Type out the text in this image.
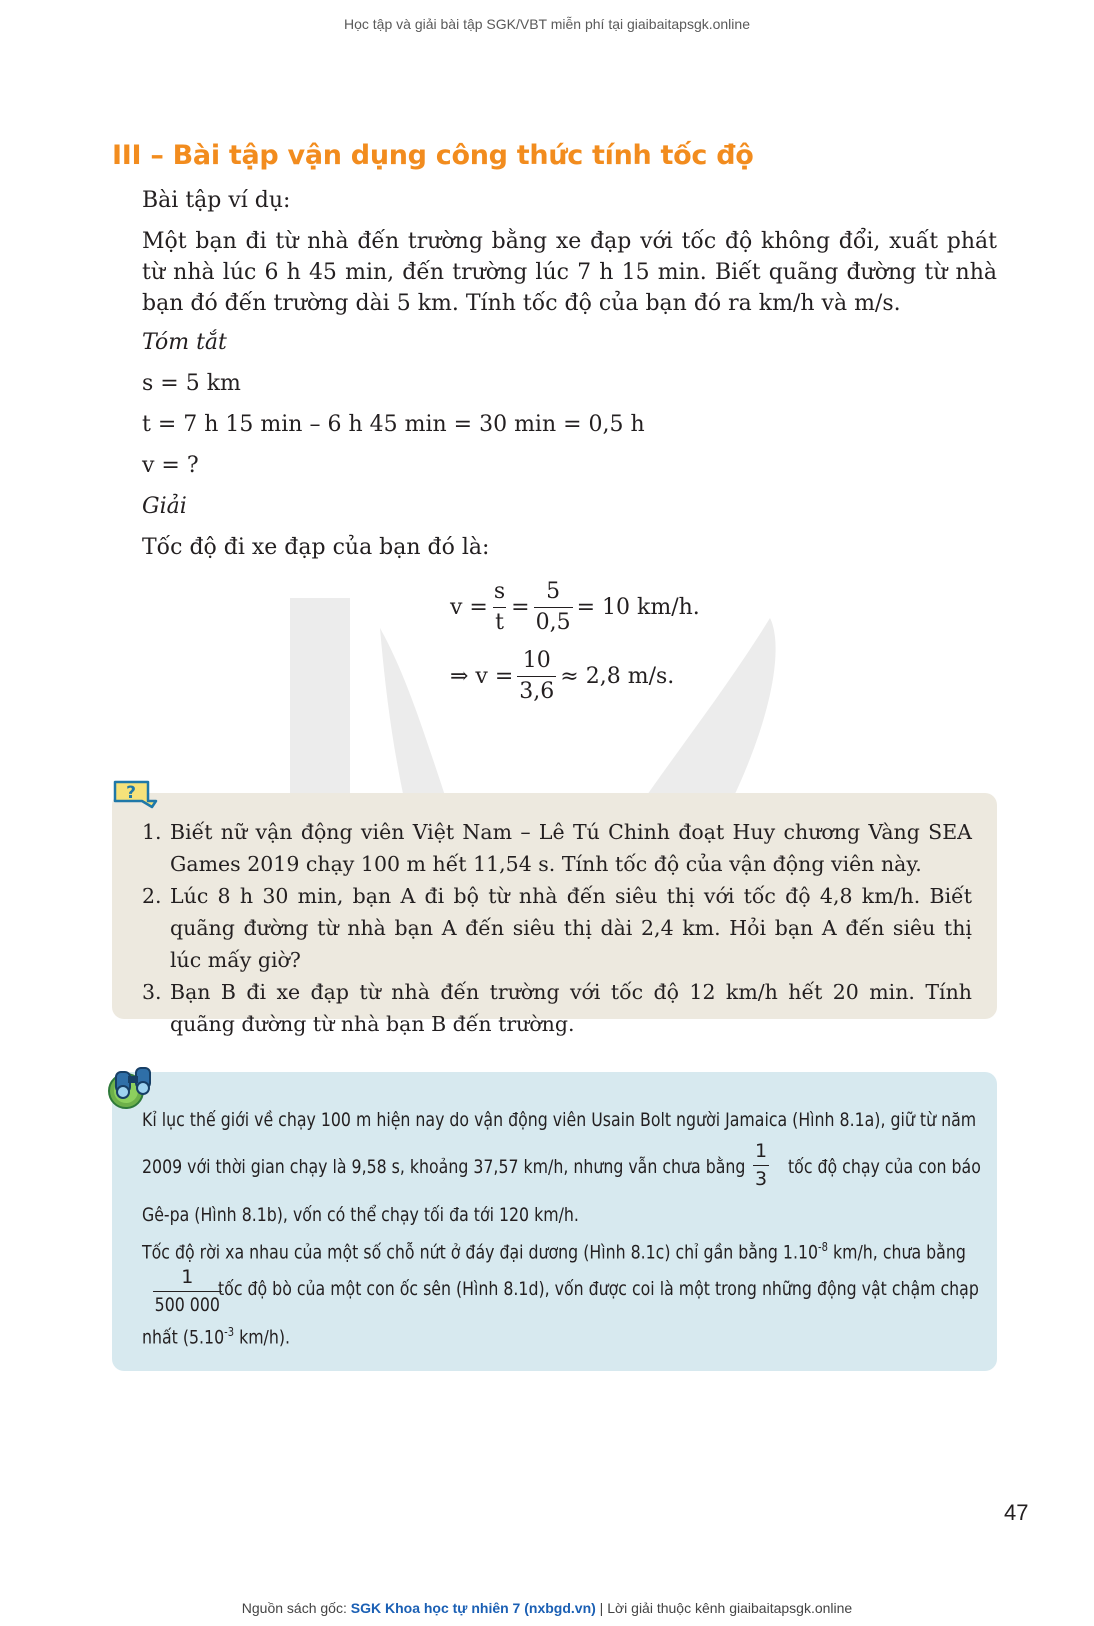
Học tập và giải bài tập SGK/VBT miễn phí tại giaibaitapsgk.online
III – Bài tập vận dụng công thức tính tốc độ
Bài tập ví dụ:
Một bạn đi từ nhà đến trường bằng xe đạp với tốc độ không đổi, xuất phát từ nhà lúc 6 h 45 min, đến trường lúc 7 h 15 min. Biết quãng đường từ nhà bạn đó đến trường dài 5 km. Tính tốc độ của bạn đó ra km/h và m/s.
Tóm tắt
s = 5 km
t = 7 h 15 min – 6 h 45 min = 30 min = 0,5 h
v = ?
Giải
Tốc độ đi xe đạp của bạn đó là:
$v = \frac{s}{t} = \frac{5}{0,5} = 10$ km/h.
⇒ $v = \frac{10}{3,6} \approx 2,8$ m/s.
?
1. Biết nữ vận động viên Việt Nam – Lê Tú Chinh đoạt Huy chương Vàng SEA Games 2019 chạy 100 m hết 11,54 s. Tính tốc độ của vận động viên này.
2. Lúc 8 h 30 min, bạn A đi bộ từ nhà đến siêu thị với tốc độ 4,8 km/h. Biết quãng đường từ nhà bạn A đến siêu thị dài 2,4 km. Hỏi bạn A đến siêu thị lúc mấy giờ?
3. Bạn B đi xe đạp từ nhà đến trường với tốc độ 12 km/h hết 20 min. Tính quãng đường từ nhà bạn B đến trường.
Kỉ lục thế giới về chạy 100 m hiện nay do vận động viên Usain Bolt người Jamaica (Hình 8.1a), giữ từ năm
2009 với thời gian chạy là 9,58 s, khoảng 37,57 km/h, nhưng vẫn chưa bằng $\frac{1}{3}$ tốc độ chạy của con báo
Gê-pa (Hình 8.1b), vốn có thể chạy tối đa tới 120 km/h.
Tốc độ rời xa nhau của một số chỗ nứt ở đáy đại dương (Hình 8.1c) chỉ gần bằng $1.10^{-8}$ km/h, chưa bằng
$\frac{1}{500 000}$
tốc độ bò của một con ốc sên (Hình 8.1d), vốn được coi là một trong những động vật chậm chạp
nhất ($5.10^{-3}$ km/h).
47
Nguồn sách gốc: SGK Khoa học tự nhiên 7 (nxbgd.vn) | Lời giải thuộc kênh giaibaitapsgk.online
